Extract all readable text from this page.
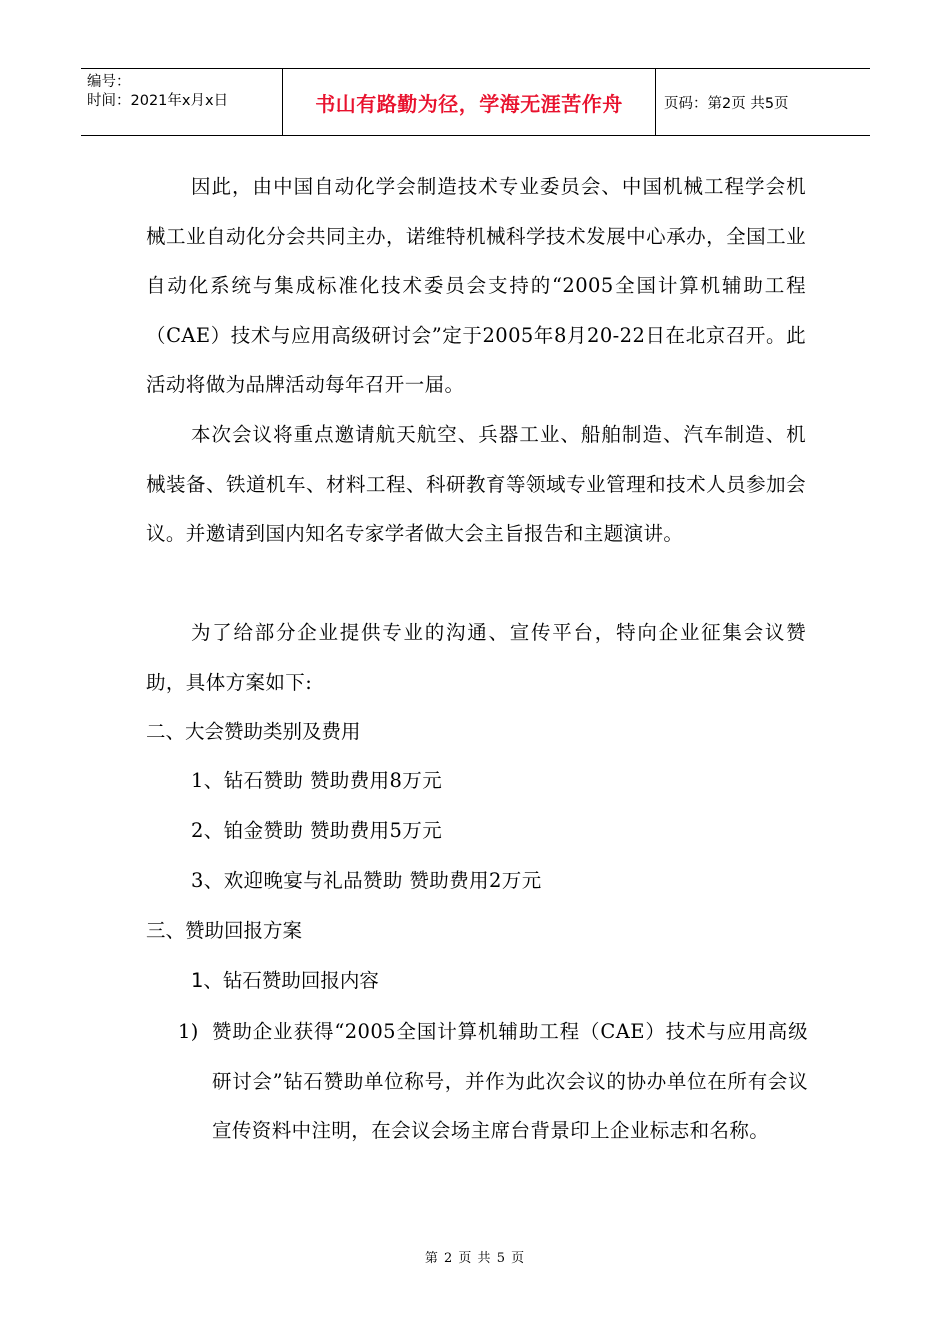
编号：
时间：2021年x月x日	书山有路勤为径，学海无涯苦作舟	页码：第2页 共5页

因此，由中国自动化学会制造技术专业委员会、中国机械工程学会机械工业自动化分会共同主办，诺维特机械科学技术发展中心承办，全国工业自动化系统与集成标准化技术委员会支持的“2005全国计算机辅助工程（CAE）技术与应用高级研讨会”定于2005年8月20-22日在北京召开。此活动将做为品牌活动每年召开一届。

本次会议将重点邀请航天航空、兵器工业、船舶制造、汽车制造、机械装备、铁道机车、材料工程、科研教育等领域专业管理和技术人员参加会议。并邀请到国内知名专家学者做大会主旨报告和主题演讲。

为了给部分企业提供专业的沟通、宣传平台，特向企业征集会议赞助，具体方案如下:

二、大会赞助类别及费用

1、钻石赞助 赞助费用8万元

2、铂金赞助 赞助费用5万元

3、欢迎晚宴与礼品赞助 赞助费用2万元

三、赞助回报方案

1、钻石赞助回报内容

1) 赞助企业获得“2005全国计算机辅助工程（CAE）技术与应用高级研讨会”钻石赞助单位称号，并作为此次会议的协办单位在所有会议宣传资料中注明，在会议会场主席台背景印上企业标志和名称。
第 2 页 共 5 页
